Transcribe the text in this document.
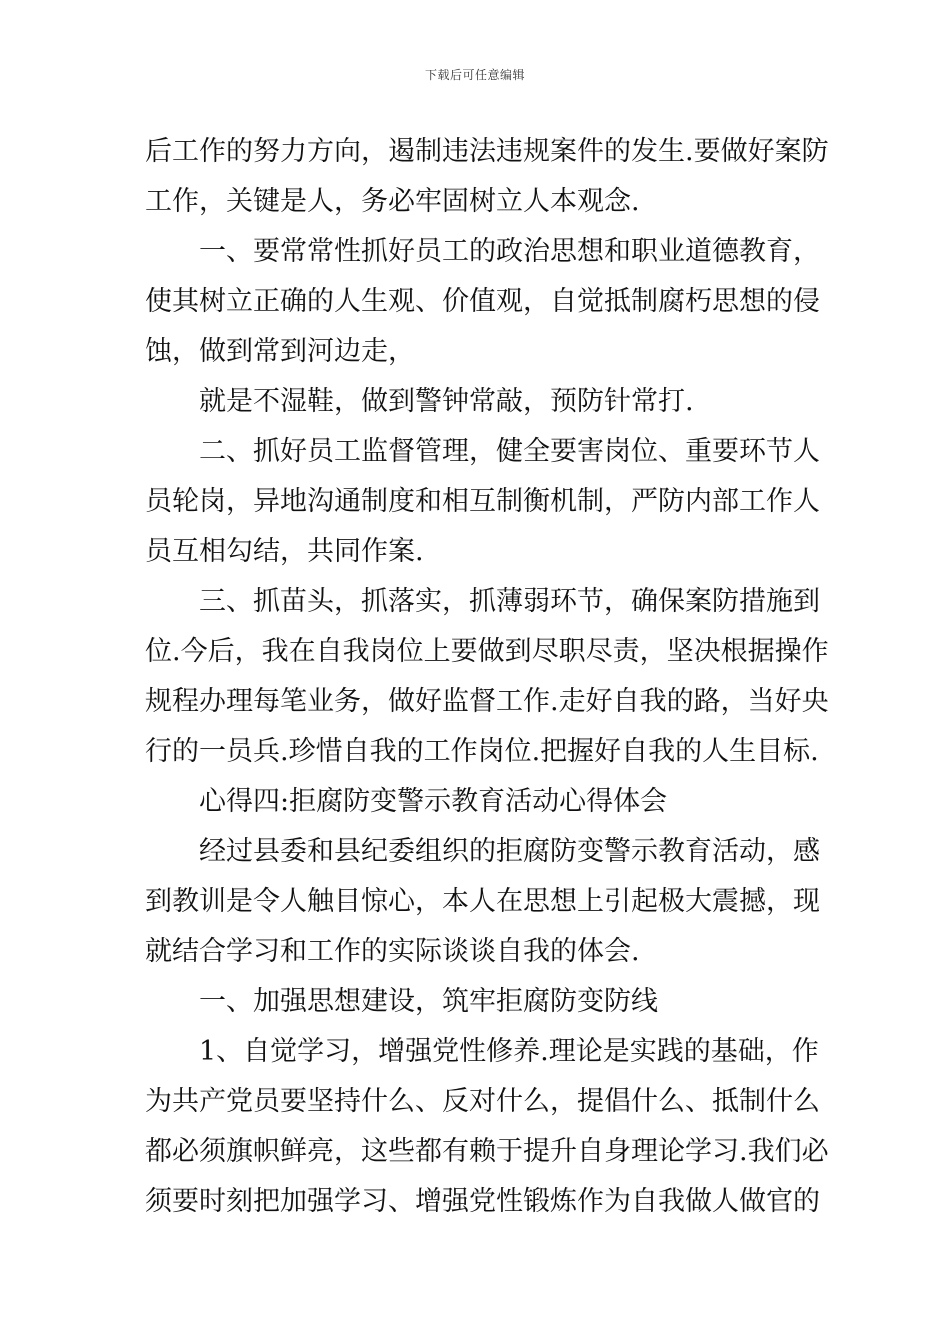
下载后可任意编辑
后工作的努力方向，遏制违法违规案件的发生.要做好案防
工作，关键是人，务必牢固树立人本观念.
一、要常常性抓好员工的政治思想和职业道德教育，
使其树立正确的人生观、价值观，自觉抵制腐朽思想的侵
蚀，做到常到河边走，
就是不湿鞋，做到警钟常敲，预防针常打.
二、抓好员工监督管理，健全要害岗位、重要环节人
员轮岗，异地沟通制度和相互制衡机制，严防内部工作人
员互相勾结，共同作案.
三、抓苗头，抓落实，抓薄弱环节，确保案防措施到
位.今后，我在自我岗位上要做到尽职尽责，坚决根据操作
规程办理每笔业务，做好监督工作.走好自我的路，当好央
行的一员兵.珍惜自我的工作岗位.把握好自我的人生目标.
心得四:拒腐防变警示教育活动心得体会
经过县委和县纪委组织的拒腐防变警示教育活动，感
到教训是令人触目惊心，本人在思想上引起极大震撼，现
就结合学习和工作的实际谈谈自我的体会.
一、加强思想建设，筑牢拒腐防变防线
1、自觉学习，增强党性修养.理论是实践的基础，作
为共产党员要坚持什么、反对什么，提倡什么、抵制什么
都必须旗帜鲜亮，这些都有赖于提升自身理论学习.我们必
须要时刻把加强学习、增强党性锻炼作为自我做人做官的
